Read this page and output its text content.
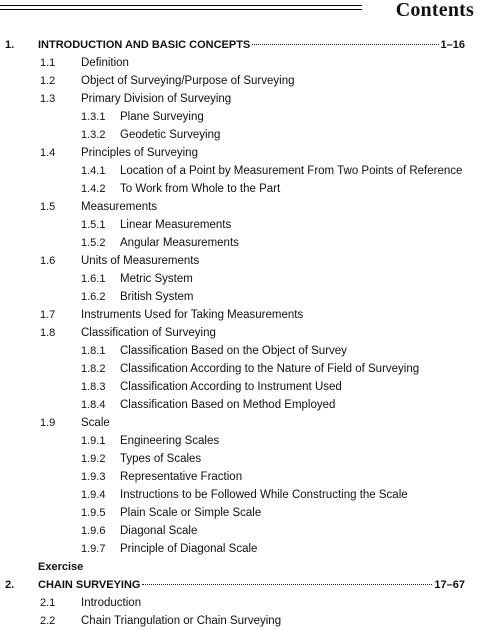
Contents
1. INTRODUCTION AND BASIC CONCEPTS	1–16
1.1 Definition
1.2 Object of Surveying/Purpose of Surveying
1.3 Primary Division of Surveying
1.3.1 Plane Surveying
1.3.2 Geodetic Surveying
1.4 Principles of Surveying
1.4.1 Location of a Point by Measurement From Two Points of Reference
1.4.2 To Work from Whole to the Part
1.5 Measurements
1.5.1 Linear Measurements
1.5.2 Angular Measurements
1.6 Units of Measurements
1.6.1 Metric System
1.6.2 British System
1.7 Instruments Used for Taking Measurements
1.8 Classification of Surveying
1.8.1 Classification Based on the Object of Survey
1.8.2 Classification According to the Nature of Field of Surveying
1.8.3 Classification According to Instrument Used
1.8.4 Classification Based on Method Employed
1.9 Scale
1.9.1 Engineering Scales
1.9.2 Types of Scales
1.9.3 Representative Fraction
1.9.4 Instructions to be Followed While Constructing the Scale
1.9.5 Plain Scale or Simple Scale
1.9.6 Diagonal Scale
1.9.7 Principle of Diagonal Scale
Exercise
2. CHAIN SURVEYING	17–67
2.1 Introduction
2.2 Chain Triangulation or Chain Surveying
